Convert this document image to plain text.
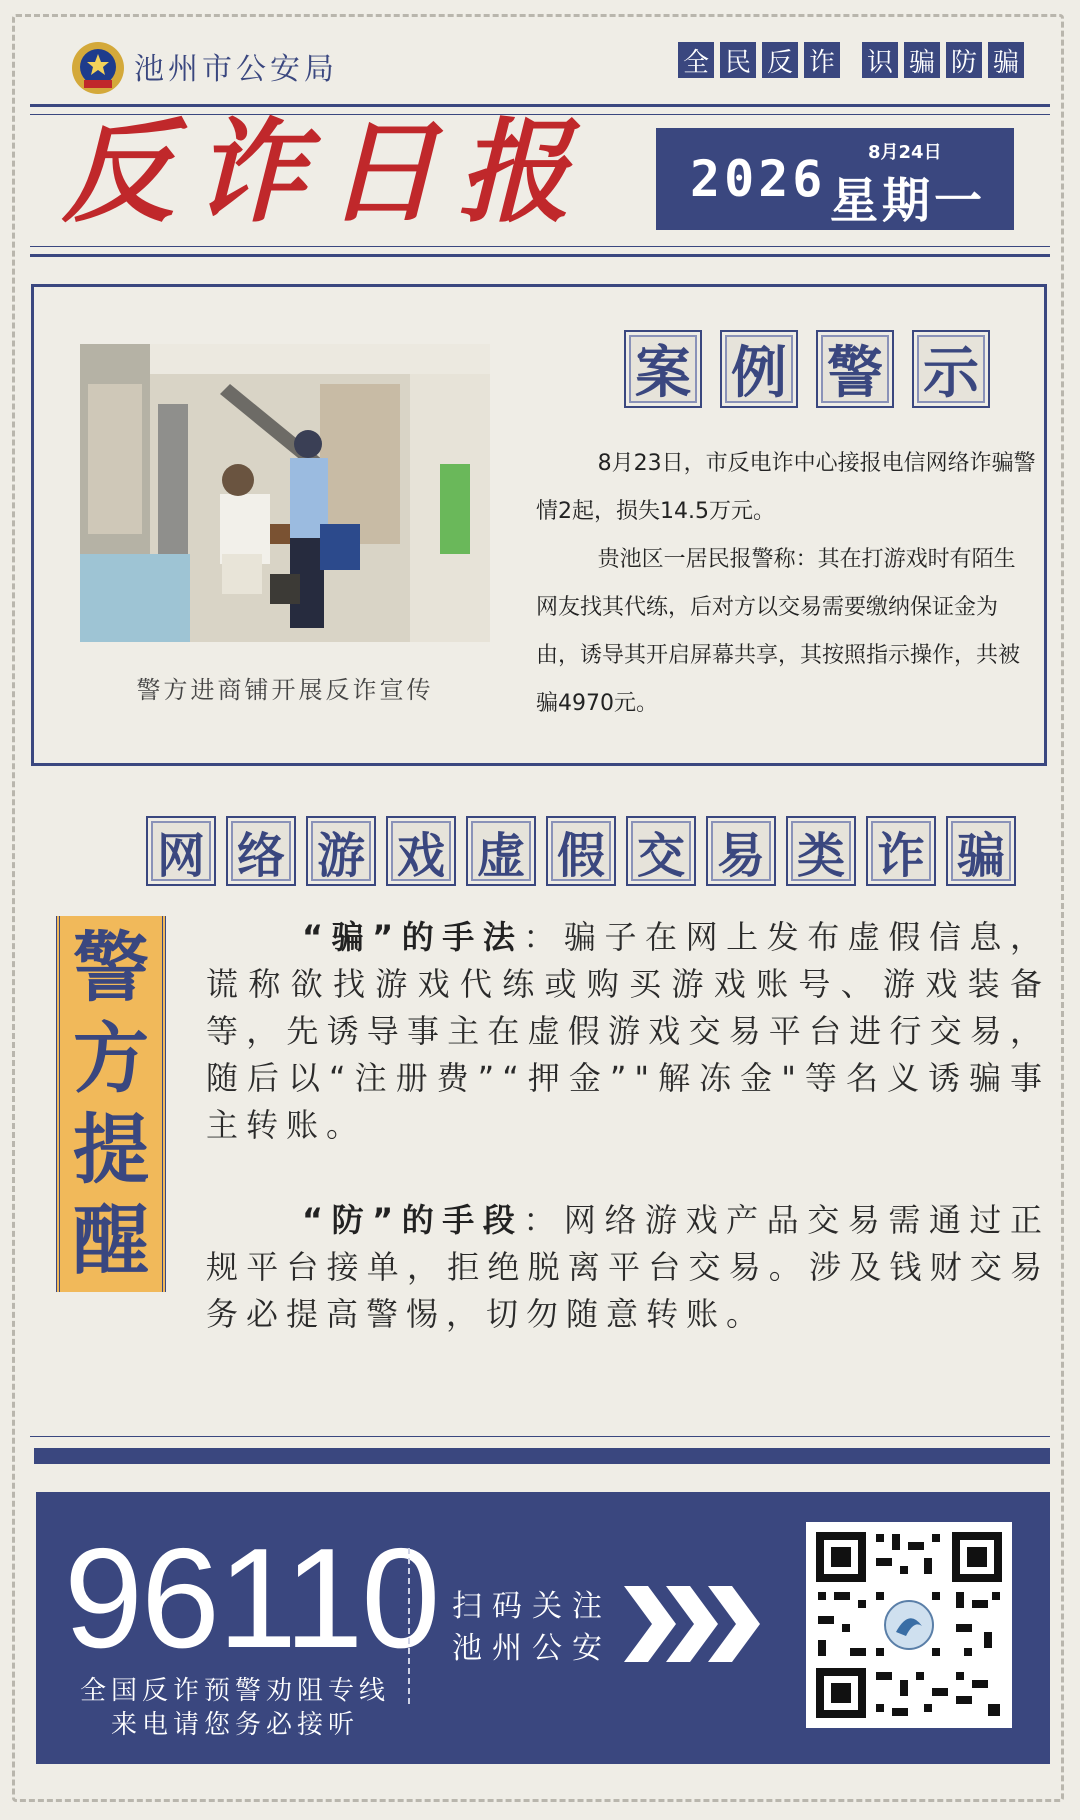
池州市公安局	全 民 反 诈 识 骗 防 骗
反诈日报 2026 8月24日
星期一
警方进商铺开展反诈宣传
案 例 警 示

8月23日，市反电诈中心接报电信网络诈骗警情2起，损失14.5万元。

贵池区一居民报警称：其在打游戏时有陌生网友找其代练，后对方以交易需要缴纳保证金为由，诱导其开启屏幕共享，其按照指示操作，共被骗4970元。

网 络 游 戏 虚 假 交 易 类 诈 骗
警
方
提
醒

“骗”的手法：骗子在网上发布虚假信息，谎称欲找游戏代练或购买游戏账号、游戏装备等，先诱导事主在虚假游戏交易平台进行交易，随后以“注册费”“押金”"解冻金"等名义诱骗事主转账。

“防”的手段：网络游戏产品交易需通过正规平台接单，拒绝脱离平台交易。涉及钱财交易务必提高警惕，切勿随意转账。

96110
全国反诈预警劝阻专线
来电请您务必接听
扫码关注
池州公安
